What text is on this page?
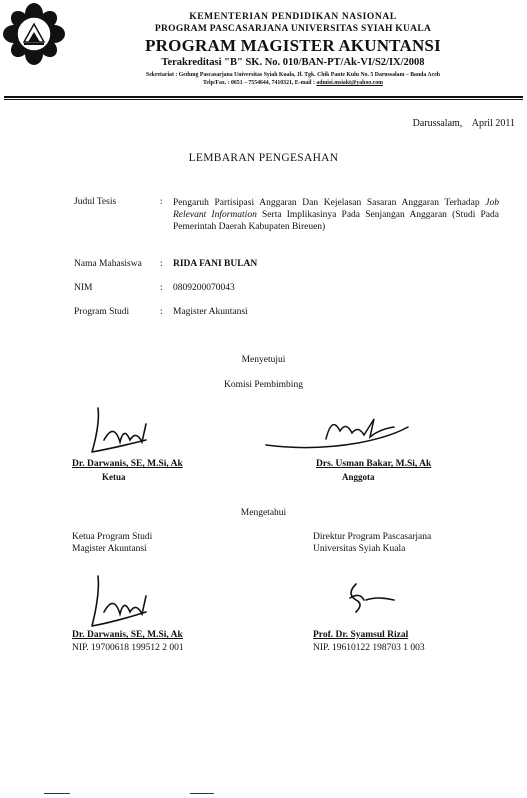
KEMENTERIAN PENDIDIKAN NASIONAL
PROGRAM PASCASARJANA UNIVERSITAS SYIAH KUALA
PROGRAM MAGISTER AKUNTANSI
Terakreditasi "B" SK. No. 010/BAN-PT/Ak-VI/S2/IX/2008
Sekretariat : Gedung Pascasarjana Universitas Syiah Kuala, Jl. Tgk. Chik Pante Kulu No. 5 Darussalam – Banda Aceh
Telp/Fax. : 0651 – 7554644, 7410321, E-mail : admisi.msiakt@yahoo.com
Darussalam,    April 2011
LEMBARAN PENGESAHAN
Judul Tesis	: Pengaruh Partisipasi Anggaran Dan Kejelasan Sasaran Anggaran Terhadap Job Relevant Information Serta Implikasinya Pada Senjangan Anggaran (Studi Pada Pemerintah Daerah Kabupaten Bireuen)
Nama Mahasiswa : RIDA FANI BULAN
NIM	: 0809200070043
Program Studi	: Magister Akuntansi
Menyetujui
Komisi Pembimbing
Dr. Darwanis, SE, M.Si, Ak
Ketua
Drs. Usman Bakar, M.Si, Ak
Anggota
Mengetahui
Ketua Program Studi
Magister Akuntansi
Direktur Program Pascasarjana
Universitas Syiah Kuala
Dr. Darwanis, SE, M.Si, Ak
NIP. 19700618 199512 2 001
Prof. Dr. Syamsul Rizal
NIP. 19610122 198703 1 003
